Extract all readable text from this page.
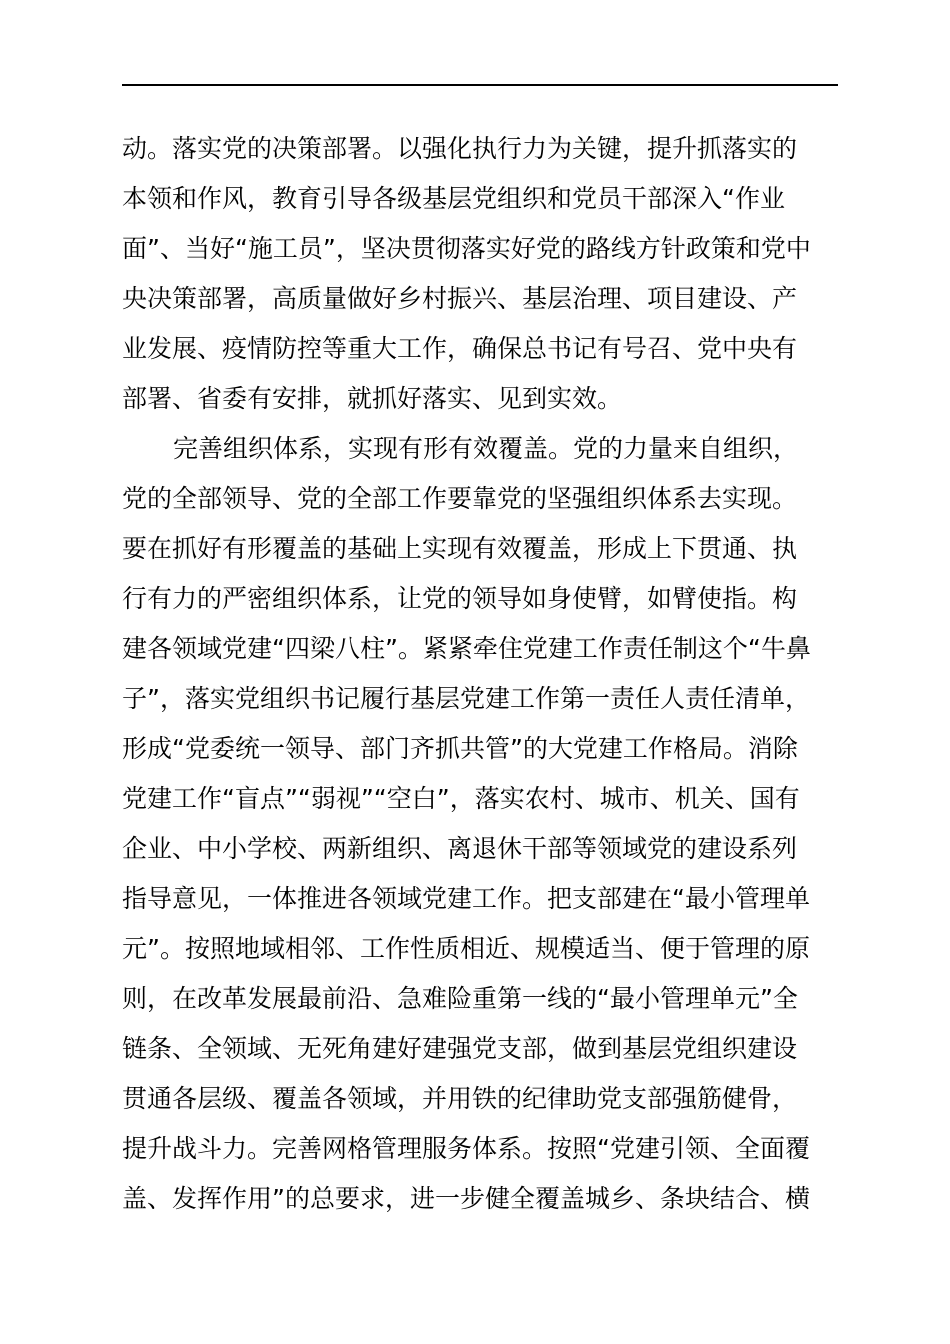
动。落实党的决策部署。以强化执行力为关键，提升抓落实的
本领和作风，教育引导各级基层党组织和党员干部深入“作业
面”、当好“施工员”，坚决贯彻落实好党的路线方针政策和党中
央决策部署，高质量做好乡村振兴、基层治理、项目建设、产
业发展、疫情防控等重大工作，确保总书记有号召、党中央有
部署、省委有安排，就抓好落实、见到实效。
完善组织体系，实现有形有效覆盖。党的力量来自组织，
党的全部领导、党的全部工作要靠党的坚强组织体系去实现。
要在抓好有形覆盖的基础上实现有效覆盖，形成上下贯通、执
行有力的严密组织体系，让党的领导如身使臂，如臂使指。构
建各领域党建“四梁八柱”。紧紧牵住党建工作责任制这个“牛鼻
子”，落实党组织书记履行基层党建工作第一责任人责任清单，
形成“党委统一领导、部门齐抓共管”的大党建工作格局。消除
党建工作“盲点”“弱视”“空白”，落实农村、城市、机关、国有
企业、中小学校、两新组织、离退休干部等领域党的建设系列
指导意见，一体推进各领域党建工作。把支部建在“最小管理单
元”。按照地域相邻、工作性质相近、规模适当、便于管理的原
则，在改革发展最前沿、急难险重第一线的“最小管理单元”全
链条、全领域、无死角建好建强党支部，做到基层党组织建设
贯通各层级、覆盖各领域，并用铁的纪律助党支部强筋健骨，
提升战斗力。完善网格管理服务体系。按照“党建引领、全面覆
盖、发挥作用”的总要求，进一步健全覆盖城乡、条块结合、横
